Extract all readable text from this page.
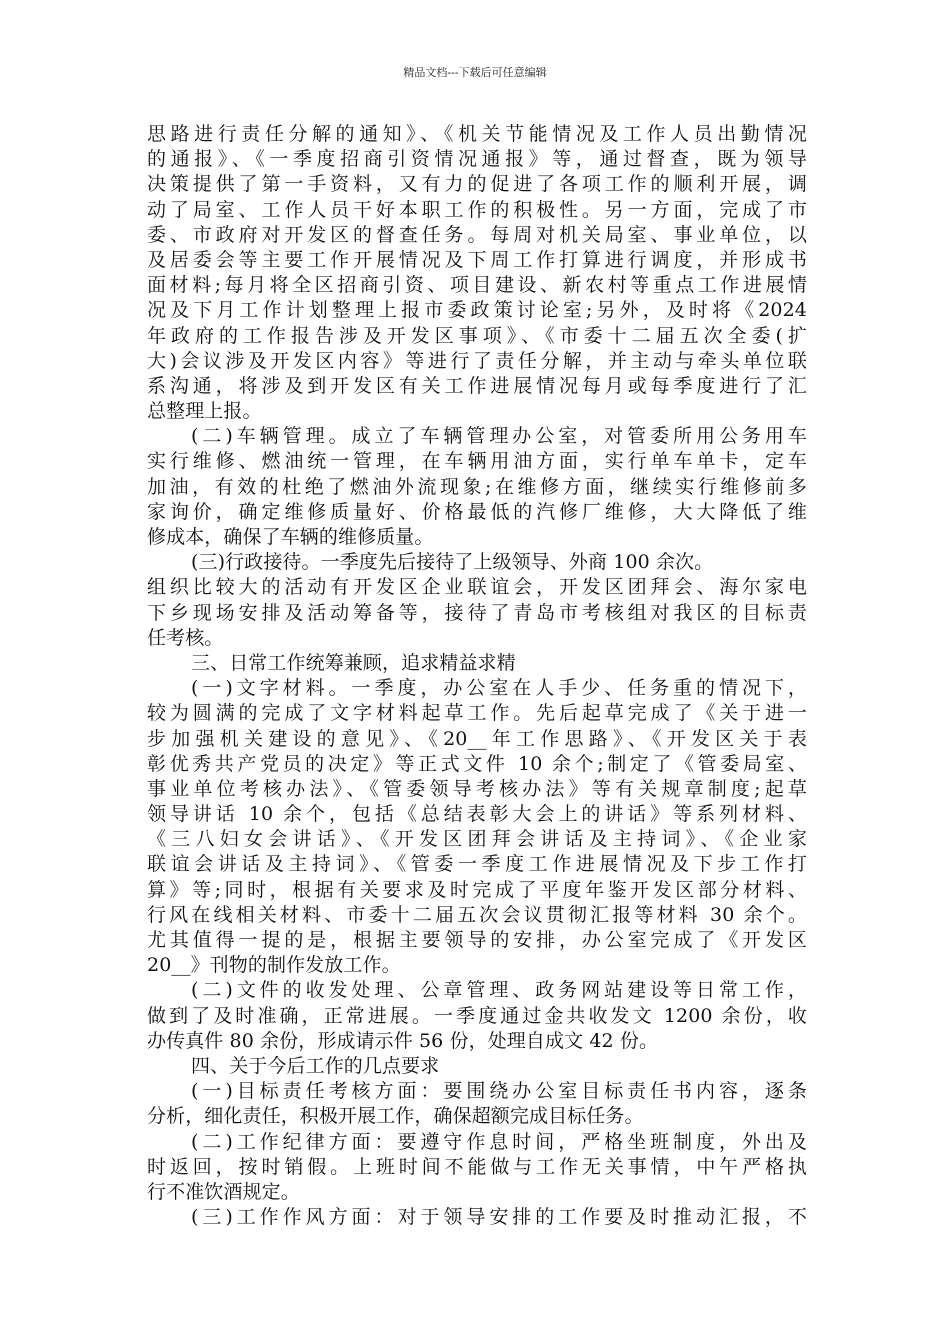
精品文档---下载后可任意编辑
思路进行责任分解的通知》、《机关节能情况及工作人员出勤情况
的通报》、《一季度招商引资情况通报》等，通过督查，既为领导
决策提供了第一手资料，又有力的促进了各项工作的顺利开展，调
动了局室、工作人员干好本职工作的积极性。另一方面，完成了市
委、市政府对开发区的督查任务。每周对机关局室、事业单位，以
及居委会等主要工作开展情况及下周工作打算进行调度，并形成书
面材料;每月将全区招商引资、项目建设、新农村等重点工作进展情
况及下月工作计划整理上报市委政策讨论室;另外，及时将《2024
年政府的工作报告涉及开发区事项》、《市委十二届五次全委(扩
大)会议涉及开发区内容》等进行了责任分解，并主动与牵头单位联
系沟通，将涉及到开发区有关工作进展情况每月或每季度进行了汇
总整理上报。
(二)车辆管理。成立了车辆管理办公室，对管委所用公务用车
实行维修、燃油统一管理，在车辆用油方面，实行单车单卡，定车
加油，有效的杜绝了燃油外流现象;在维修方面，继续实行维修前多
家询价，确定维修质量好、价格最低的汽修厂维修，大大降低了维
修成本，确保了车辆的维修质量。
(三)行政接待。一季度先后接待了上级领导、外商 100 余次。
组织比较大的活动有开发区企业联谊会，开发区团拜会、海尔家电
下乡现场安排及活动筹备等，接待了青岛市考核组对我区的目标责
任考核。
三、日常工作统筹兼顾，追求精益求精
(一)文字材料。一季度，办公室在人手少、任务重的情况下，
较为圆满的完成了文字材料起草工作。先后起草完成了《关于进一
步加强机关建设的意见》、《20__年工作思路》、《开发区关于表
彰优秀共产党员的决定》等正式文件 10 余个;制定了《管委局室、
事业单位考核办法》、《管委领导考核办法》等有关规章制度;起草
领导讲话 10 余个，包括《总结表彰大会上的讲话》等系列材料、
《三八妇女会讲话》、《开发区团拜会讲话及主持词》、《企业家
联谊会讲话及主持词》、《管委一季度工作进展情况及下步工作打
算》等;同时，根据有关要求及时完成了平度年鉴开发区部分材料、
行风在线相关材料、市委十二届五次会议贯彻汇报等材料 30 余个。
尤其值得一提的是，根据主要领导的安排，办公室完成了《开发区
20__》刊物的制作发放工作。
(二)文件的收发处理、公章管理、政务网站建设等日常工作，
做到了及时准确，正常进展。一季度通过金共收发文 1200 余份，收
办传真件 80 余份，形成请示件 56 份，处理自成文 42 份。
四、关于今后工作的几点要求
(一)目标责任考核方面：要围绕办公室目标责任书内容，逐条
分析，细化责任，积极开展工作，确保超额完成目标任务。
(二)工作纪律方面：要遵守作息时间，严格坐班制度，外出及
时返回，按时销假。上班时间不能做与工作无关事情，中午严格执
行不准饮酒规定。
(三)工作作风方面：对于领导安排的工作要及时推动汇报，不
